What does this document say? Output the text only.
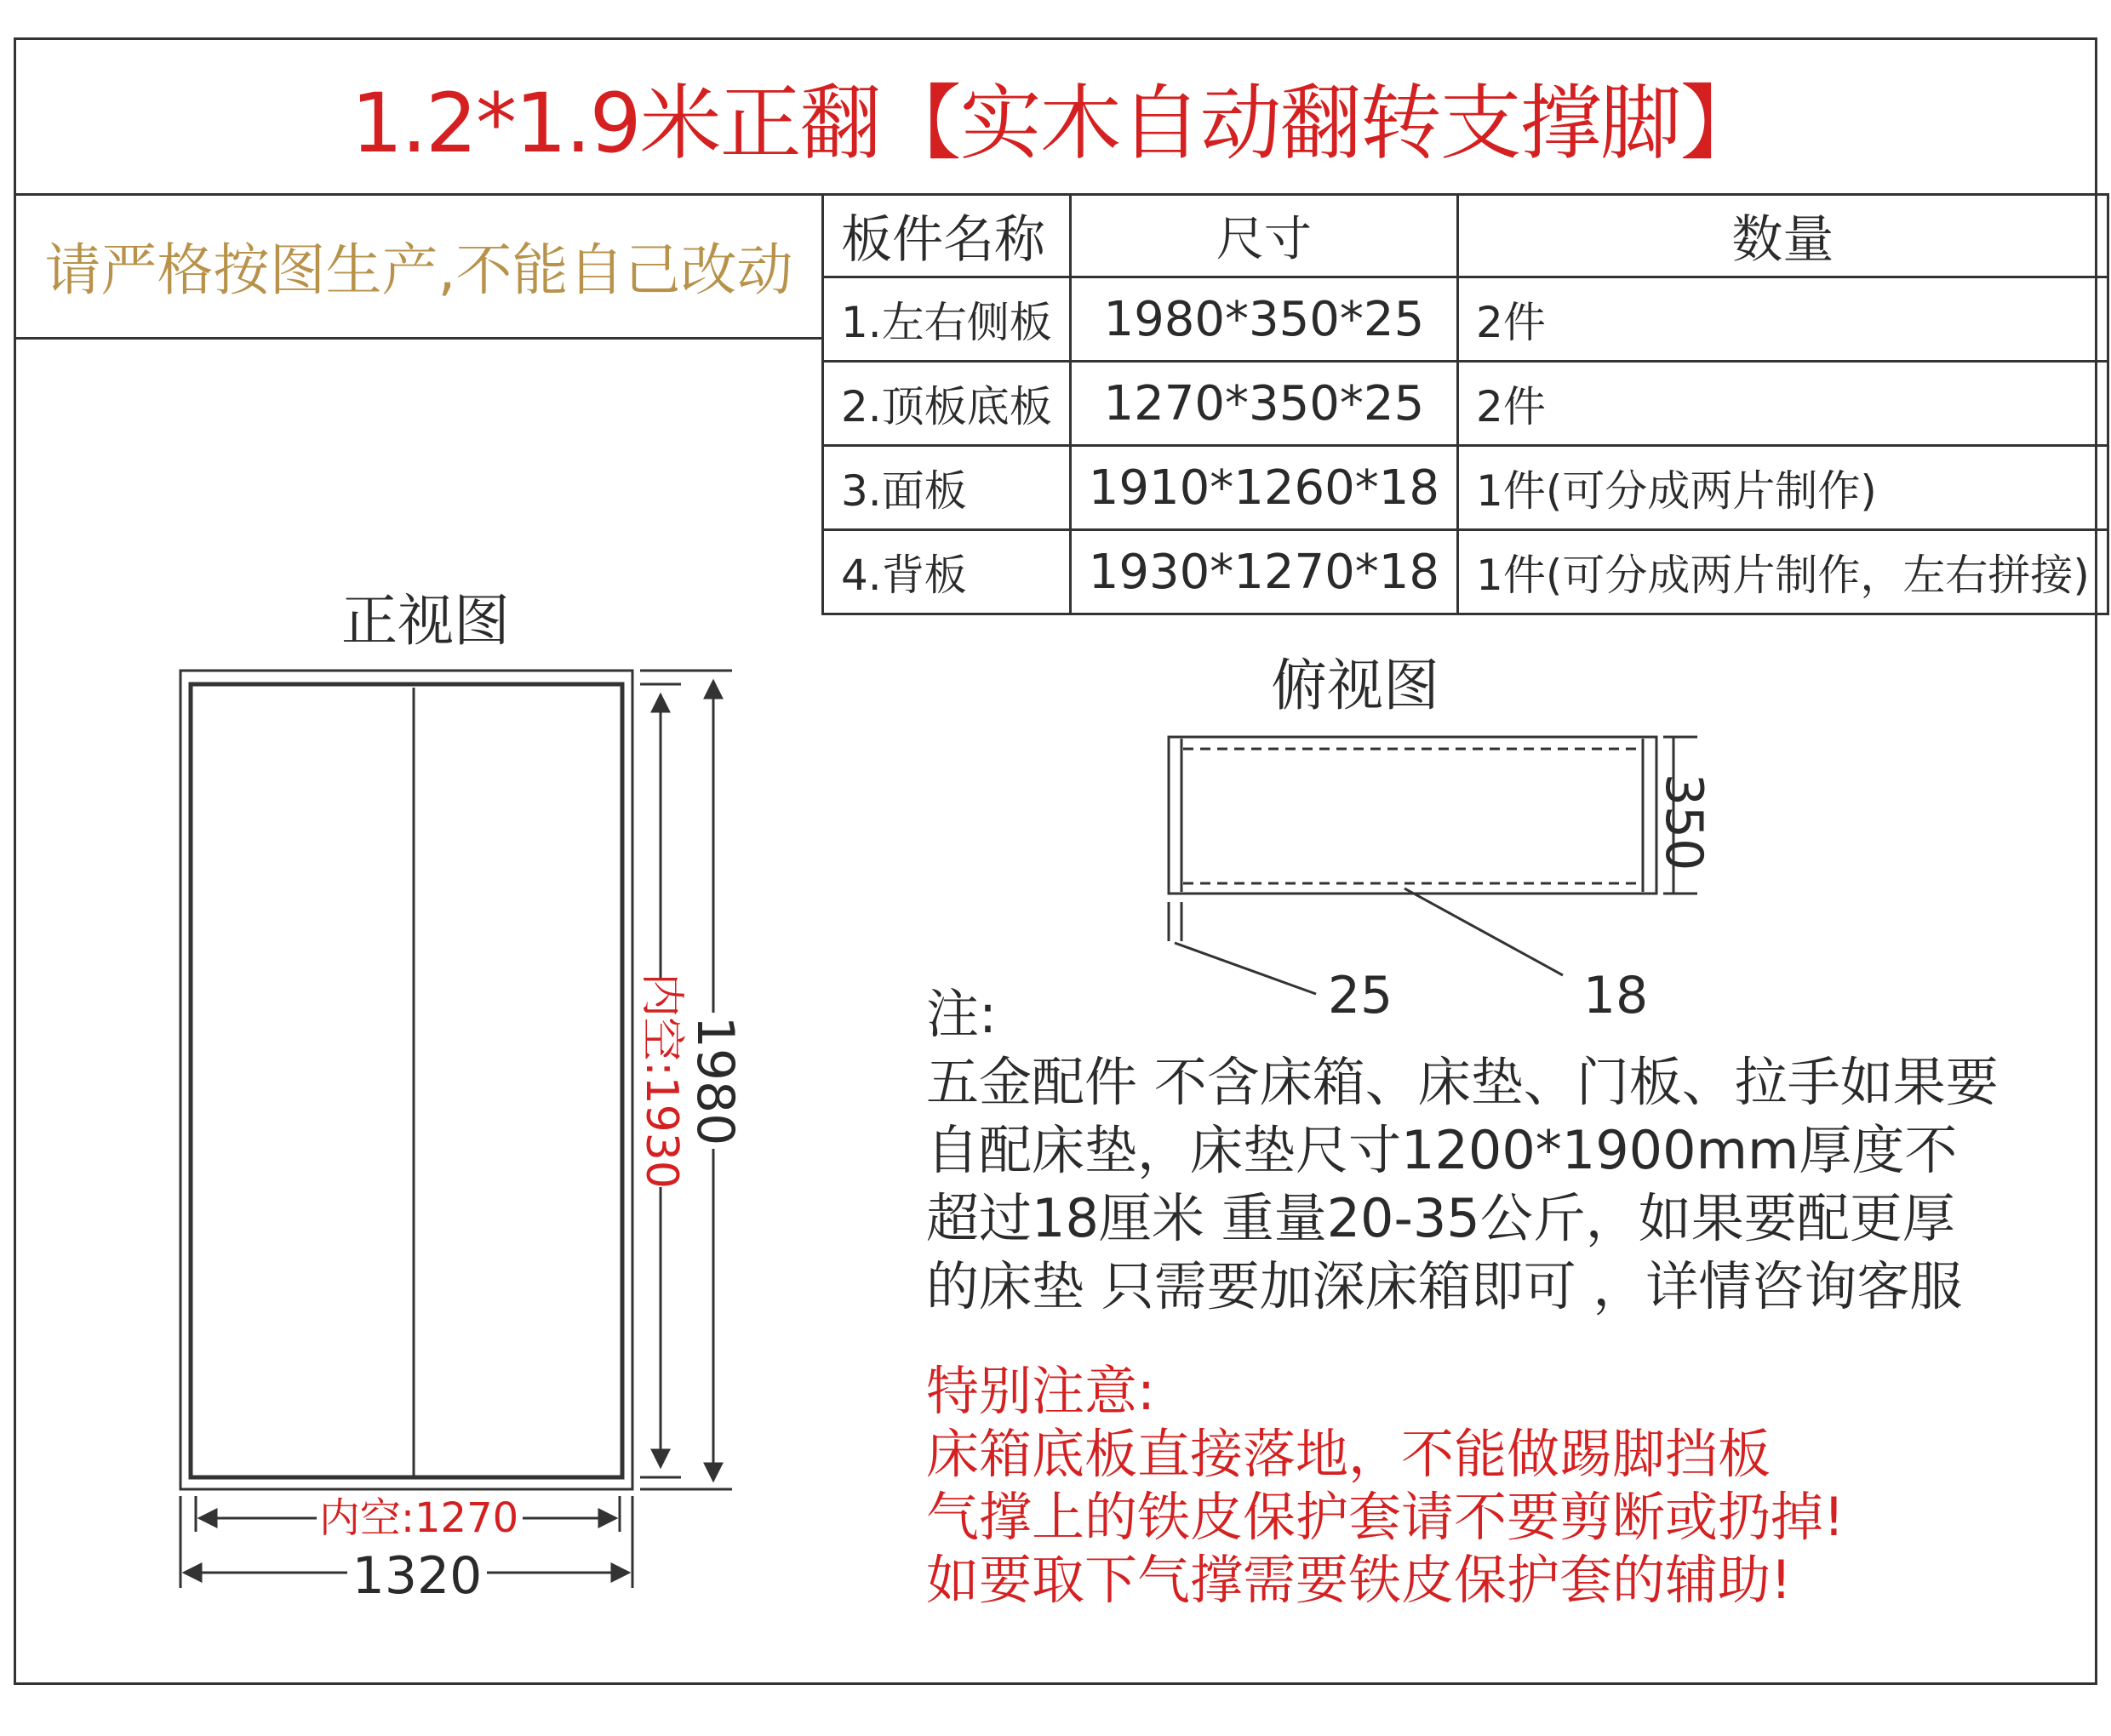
1.2*1.9米正翻【实木自动翻转支撑脚】
请严格按图生产,不能自己改动 板件名称	尺寸	数量
1.左右侧板	1980*350*25	2件
2.顶板底板	1270*350*25	2件
3.面板	1910*1260*18	1件(可分成两片制作)
4.背板	1930*1270*18	1件(可分成两片制作，左右拼接)
正视图
1980
内空:1930
内空:1270
1320
俯视图
350
25	18
注:
五金配件 不含床箱、床垫、门板、拉手如果要
自配床垫，床垫尺寸1200*1900mm厚度不
超过18厘米 重量20-35公斤，如果要配更厚
的床垫 只需要加深床箱即可 ，详情咨询客服
特别注意:
床箱底板直接落地，不能做踢脚挡板
气撑上的铁皮保护套请不要剪断或扔掉!
如要取下气撑需要铁皮保护套的辅助!
